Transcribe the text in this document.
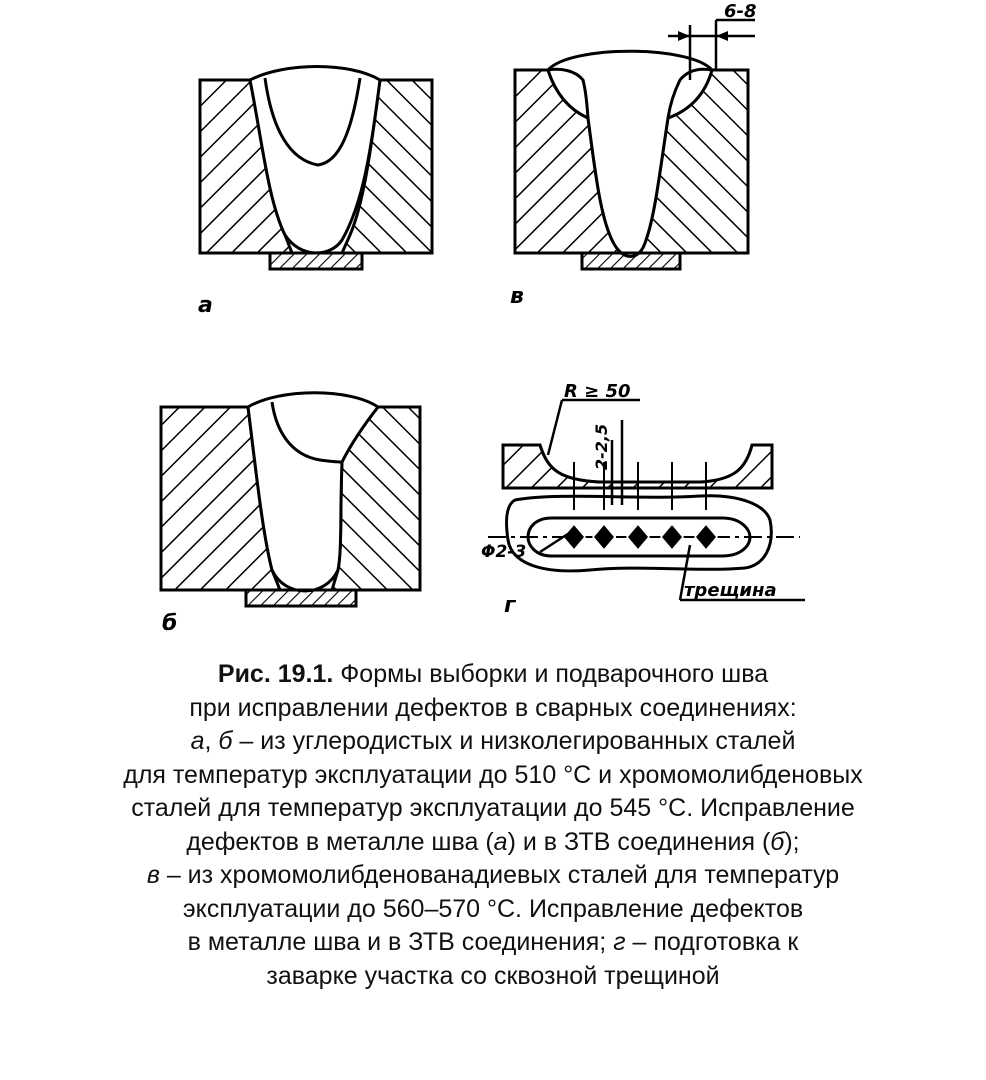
а
6-8
в
б
R ≥ 50
2-2,5
Φ2-3
трещина
г
Рис. 19.1. Формы выборки и подварочного шва
при исправлении дефектов в сварных соединениях:
а, б – из углеродистых и низколегированных сталей
для температур эксплуатации до 510 °С и хромомолибденовых
сталей для температур эксплуатации до 545 °С. Исправление
дефектов в металле шва (а) и в ЗТВ соединения (б);
в – из хромомолибденованадиевых сталей для температур
эксплуатации до 560–570 °С. Исправление дефектов
в металле шва и в ЗТВ соединения; г – подготовка к
заварке участка со сквозной трещиной
